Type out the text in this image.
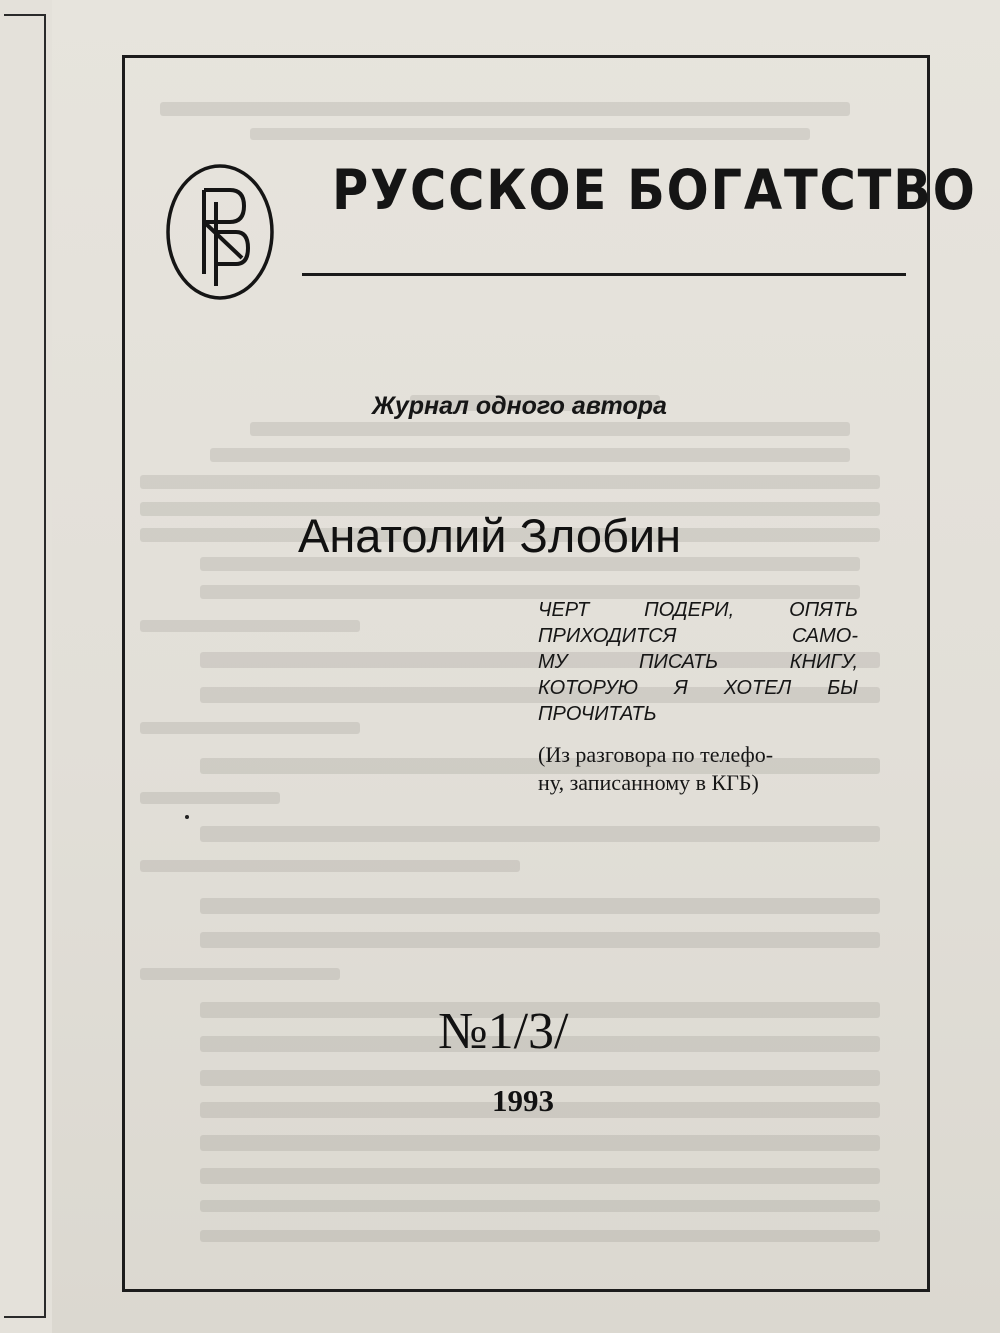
РУССКОЕ БОГАТСТВО
Журнал одного автора
Анатолий Злобин
ЧЕРТ ПОДЕРИ, ОПЯТЬ
ПРИХОДИТСЯ САМО-
МУ ПИСАТЬ КНИГУ,
КОТОРУЮ Я ХОТЕЛ БЫ
ПРОЧИТАТЬ
(Из разговора по телефо-
ну, записанному в КГБ)
№1/3/
1993
